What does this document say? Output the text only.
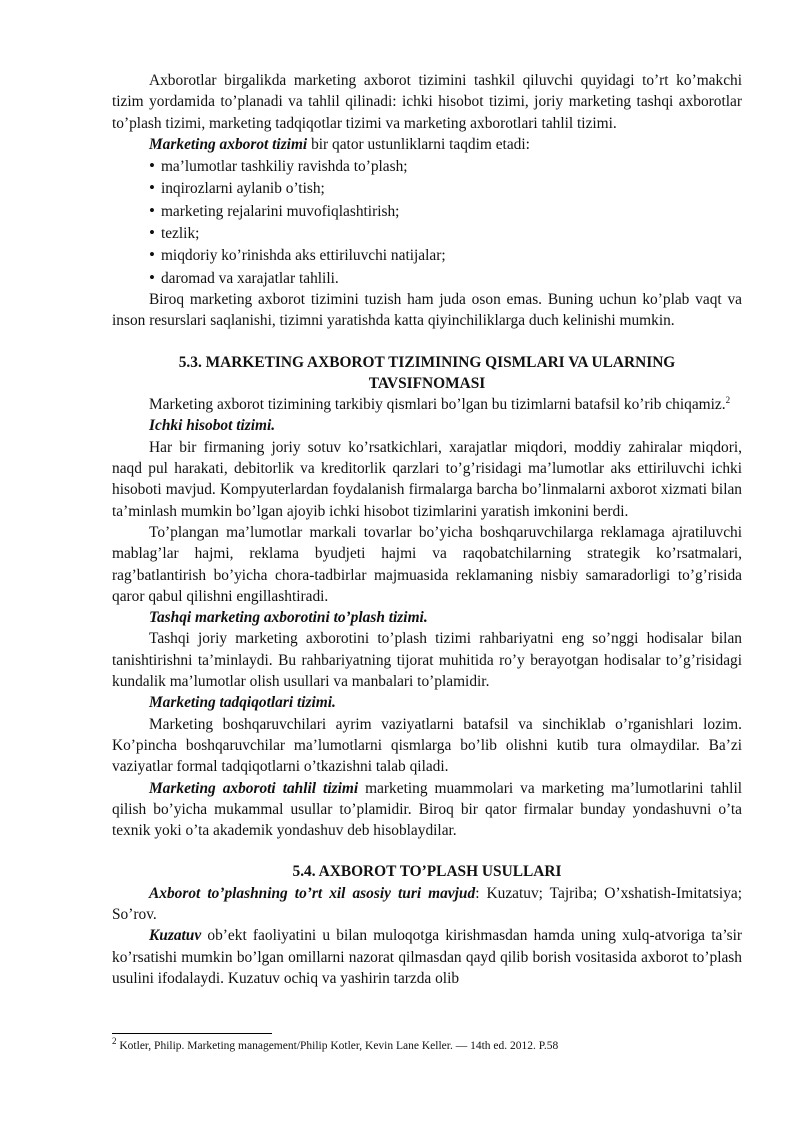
Axborotlar birgalikda marketing axborot tizimini tashkil qiluvchi quyidagi to’rt ko’makchi tizim yordamida to’planadi va tahlil qilinadi: ichki hisobot tizimi, joriy marketing tashqi axborotlar to’plash tizimi, marketing tadqiqotlar tizimi va marketing axborotlari tahlil tizimi.

Marketing axborot tizimi bir qator ustunliklarni taqdim etadi:

• ma’lumotlar tashkiliy ravishda to’plash;
• inqirozlarni aylanib o’tish;
• marketing rejalarini muvofiqlashtirish;
• tezlik;
• miqdoriy ko’rinishda aks ettiriluvchi natijalar;
• daromad va xarajatlar tahlili.

Biroq marketing axborot tizimini tuzish ham juda oson emas. Buning uchun ko’plab vaqt va inson resurslari saqlanishi, tizimni yaratishda katta qiyinchiliklarga duch kelinishi mumkin.

5.3. MARKETING AXBOROT TIZIMINING QISMLARI VA ULARNING
TAVSIFNOMASI

Marketing axborot tizimining tarkibiy qismlari bo’lgan bu tizimlarni batafsil ko’rib chiqamiz.$^2$

Ichki hisobot tizimi.

Har bir firmaning joriy sotuv ko’rsatkichlari, xarajatlar miqdori, moddiy zahiralar miqdori, naqd pul harakati, debitorlik va kreditorlik qarzlari to’g’risidagi ma’lumotlar aks ettiriluvchi ichki hisoboti mavjud. Kompyuterlardan foydalanish firmalarga barcha bo’linmalarni axborot xizmati bilan ta’minlash mumkin bo’lgan ajoyib ichki hisobot tizimlarini yaratish imkonini berdi.

To’plangan ma’lumotlar markali tovarlar bo’yicha boshqaruvchilarga reklamaga ajratiluvchi mablag’lar hajmi, reklama byudjeti hajmi va raqobatchilarning strategik ko’rsatmalari, rag’batlantirish bo’yicha chora-tadbirlar majmuasida reklamaning nisbiy samaradorligi to’g’risida qaror qabul qilishni engillashtiradi.

Tashqi marketing axborotini to’plash tizimi.

Tashqi joriy marketing axborotini to’plash tizimi rahbariyatni eng so’nggi hodisalar bilan tanishtirishni ta’minlaydi. Bu rahbariyatning tijorat muhitida ro’y berayotgan hodisalar to’g’risidagi kundalik ma’lumotlar olish usullari va manbalari to’plamidir.

Marketing tadqiqotlari tizimi.

Marketing boshqaruvchilari ayrim vaziyatlarni batafsil va sinchiklab o’rganishlari lozim. Ko’pincha boshqaruvchilar ma’lumotlarni qismlarga bo’lib olishni kutib tura olmaydilar. Ba’zi vaziyatlar formal tadqiqotlarni o’tkazishni talab qiladi.

Marketing axboroti tahlil tizimi marketing muammolari va marketing ma’lumotlarini tahlil qilish bo’yicha mukammal usullar to’plamidir. Biroq bir qator firmalar bunday yondashuvni o’ta texnik yoki o’ta akademik yondashuv deb hisoblaydilar.

5.4. AXBOROT TO’PLASH USULLARI

Axborot to’plashning to’rt xil asosiy turi mavjud: Kuzatuv; Tajriba; O’xshatish-Imitatsiya; So’rov.

Kuzatuv ob’ekt faoliyatini u bilan muloqotga kirishmasdan hamda uning xulq-atvoriga ta’sir ko’rsatishi mumkin bo’lgan omillarni nazorat qilmasdan qayd qilib borish vositasida axborot to’plash usulini ifodalaydi. Kuzatuv ochiq va yashirin tarzda olib

$^2$ Kotler, Philip. Marketing management/Philip Kotler, Kevin Lane Keller. — 14th ed. 2012. P.58
